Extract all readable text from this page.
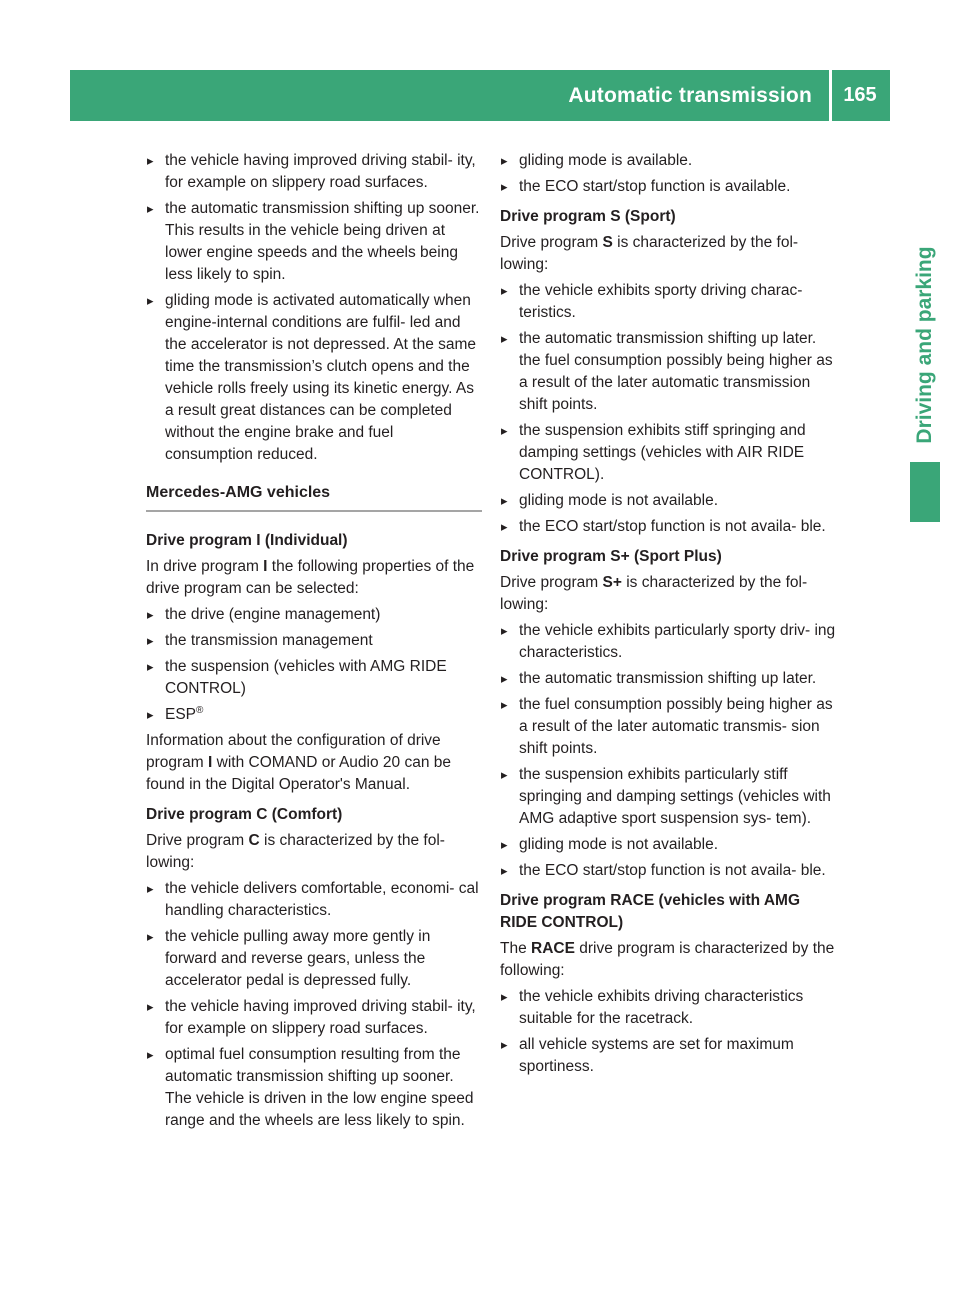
Automatic transmission 165
Driving and parking
▸ the vehicle having improved driving stabil- ity, for example on slippery road surfaces.
▸ the automatic transmission shifting up sooner. This results in the vehicle being driven at lower engine speeds and the wheels being less likely to spin.
▸ gliding mode is activated automatically when engine-internal conditions are fulfil- led and the accelerator is not depressed. At the same time the transmission’s clutch opens and the vehicle rolls freely using its kinetic energy. As a result great distances can be completed without the engine brake and fuel consumption reduced.
Mercedes-AMG vehicles
Drive program I (Individual)

In drive program I the following properties of the drive program can be selected:

▸ the drive (engine management)
▸ the transmission management
▸ the suspension (vehicles with AMG RIDE CONTROL)
▸ ESP®

Information about the configuration of drive program I with COMAND or Audio 20 can be found in the Digital Operator's Manual.

Drive program C (Comfort)

Drive program C is characterized by the fol- lowing:

▸ the vehicle delivers comfortable, economi- cal handling characteristics.
▸ the vehicle pulling away more gently in forward and reverse gears, unless the accelerator pedal is depressed fully.
▸ the vehicle having improved driving stabil- ity, for example on slippery road surfaces.
▸ optimal fuel consumption resulting from the automatic transmission shifting up sooner. The vehicle is driven in the low engine speed range and the wheels are less likely to spin.
▸ gliding mode is available.
▸ the ECO start/stop function is available.
Drive program S (Sport)

Drive program S is characterized by the fol- lowing:

▸ the vehicle exhibits sporty driving charac- teristics.
▸ the automatic transmission shifting up later. the fuel consumption possibly being higher as a result of the later automatic transmission shift points.
▸ the suspension exhibits stiff springing and damping settings (vehicles with AIR RIDE CONTROL).
▸ gliding mode is not available.
▸ the ECO start/stop function is not availa- ble.
Drive program S+ (Sport Plus)

Drive program S+ is characterized by the fol- lowing:

▸ the vehicle exhibits particularly sporty driv- ing characteristics.
▸ the automatic transmission shifting up later.
▸ the fuel consumption possibly being higher as a result of the later automatic transmis- sion shift points.
▸ the suspension exhibits particularly stiff springing and damping settings (vehicles with AMG adaptive sport suspension sys- tem).
▸ gliding mode is not available.
▸ the ECO start/stop function is not availa- ble.
Drive program RACE (vehicles with AMG RIDE CONTROL)

The RACE drive program is characterized by the following:

▸ the vehicle exhibits driving characteristics suitable for the racetrack.
▸ all vehicle systems are set for maximum sportiness.
